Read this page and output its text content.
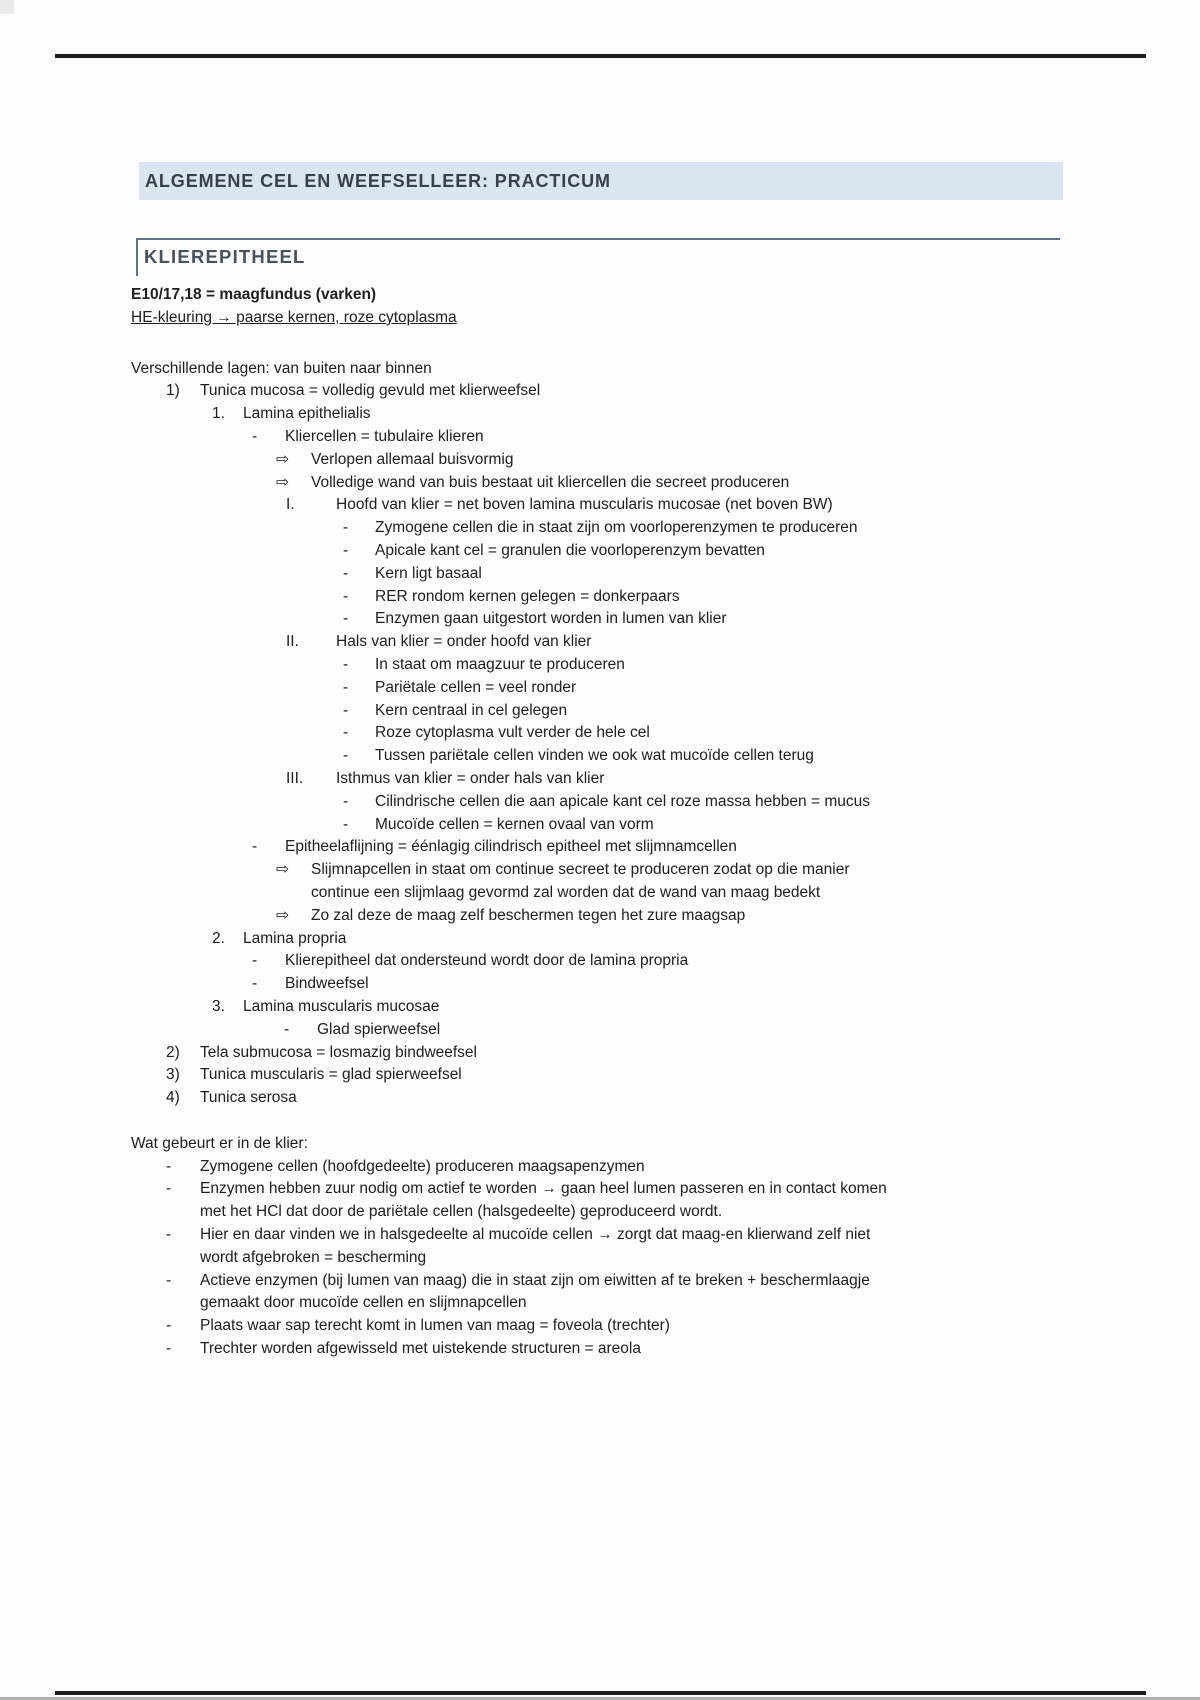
ALGEMENE CEL EN WEEFSELLEER: PRACTICUM
KLIEREPITHEEL
E10/17,18 = maagfundus (varken)
HE-kleuring → paarse kernen, roze cytoplasma
Verschillende lagen: van buiten naar binnen
1) Tunica mucosa = volledig gevuld met klierweefsel
1. Lamina epithelialis
- Kliercellen = tubulaire klieren
⇨ Verlopen allemaal buisvormig
⇨ Volledige wand van buis bestaat uit kliercellen die secreet produceren
I.	Hoofd van klier = net boven lamina muscularis mucosae (net boven BW)
- Zymogene cellen die in staat zijn om voorloperenzymen te produceren
- Apicale kant cel = granulen die voorloperenzym bevatten
- Kern ligt basaal
- RER rondom kernen gelegen = donkerpaars
- Enzymen gaan uitgestort worden in lumen van klier
II. Hals van klier = onder hoofd van klier
- In staat om maagzuur te produceren
- Pariëtale cellen = veel ronder
- Kern centraal in cel gelegen
- Roze cytoplasma vult verder de hele cel
- Tussen pariëtale cellen vinden we ook wat mucoïde cellen terug
III. Isthmus van klier = onder hals van klier
- Cilindrische cellen die aan apicale kant cel roze massa hebben = mucus
- Mucoïde cellen = kernen ovaal van vorm
- Epitheelaflijning = éénlagig cilindrisch epitheel met slijmnamcellen
⇨ Slijmnapcellen in staat om continue secreet te produceren zodat op die manier
continue een slijmlaag gevormd zal worden dat de wand van maag bedekt
⇨ Zo zal deze de maag zelf beschermen tegen het zure maagsap
2. Lamina propria
- Klierepitheel dat ondersteund wordt door de lamina propria
- Bindweefsel
3. Lamina muscularis mucosae
- Glad spierweefsel
2) Tela submucosa = losmazig bindweefsel
3) Tunica muscularis = glad spierweefsel
4) Tunica serosa
Wat gebeurt er in de klier:
- Zymogene cellen (hoofdgedeelte) produceren maagsapenzymen
- Enzymen hebben zuur nodig om actief te worden → gaan heel lumen passeren en in contact komen
met het HCl dat door de pariëtale cellen (halsgedeelte) geproduceerd wordt.
- Hier en daar vinden we in halsgedeelte al mucoïde cellen → zorgt dat maag-en klierwand zelf niet
wordt afgebroken = bescherming
- Actieve enzymen (bij lumen van maag) die in staat zijn om eiwitten af te breken + beschermlaagje
gemaakt door mucoïde cellen en slijmnapcellen
- Plaats waar sap terecht komt in lumen van maag = foveola (trechter)
- Trechter worden afgewisseld met uistekende structuren = areola
